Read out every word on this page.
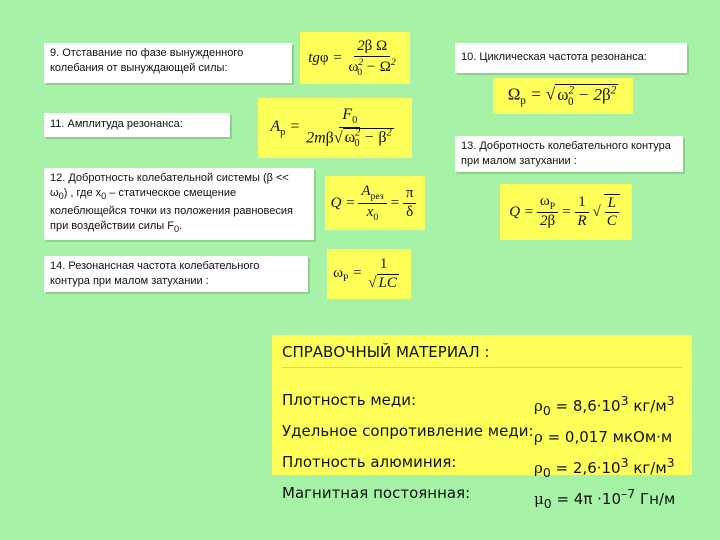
9. Отставание по фазе вынужденного колебания от вынуждающей силы:
$tg\varphi = \frac{\text{2β Ω}}{\omega^2_0 - \Omega^2}$	10. Циклическая частота резонанса:
$\Omega_p$ = √ $\omega^2_0 - 2\beta^2$
11. Амплитуда резонанса:	$A_p = \frac{F_0}{2m\beta√ \omega^2_0 - \beta^2}$
12. Добротность колебательной системы $(\beta << \omega_0)$ , где $x_0$ – статическое смещение колеблющейся точки из положения равновесия при воздействии силы $F_0$.
$Q = \frac{A_{рез}}{x_0} = \frac{\pi}{\delta}$
13. Добротность колебательного контура при малом затухании :
$Q = \frac{\omega_P}{2\beta} = \frac{1}{R}$ √ $\frac{L}{C}$
14. Резонансная частота колебательного контура при малом затухании :
$\omega_P = \frac{1}{√ LC}$
СПРАВОЧНЫЙ МАТЕРИАЛ :
Плотность меди:	$\rho_0 = 8,6\cdot 10^3$ $кг/м^3$
Удельное сопротивление меди: ρ = 0,017 мкОм·м
Плотность алюминия:	$\rho_0 = 2,6\cdot 10^3$ $кг/м^3$
Магнитная постоянная:	$\mu_0 = 4\pi \cdot 10^{-7}$ Гн/м
